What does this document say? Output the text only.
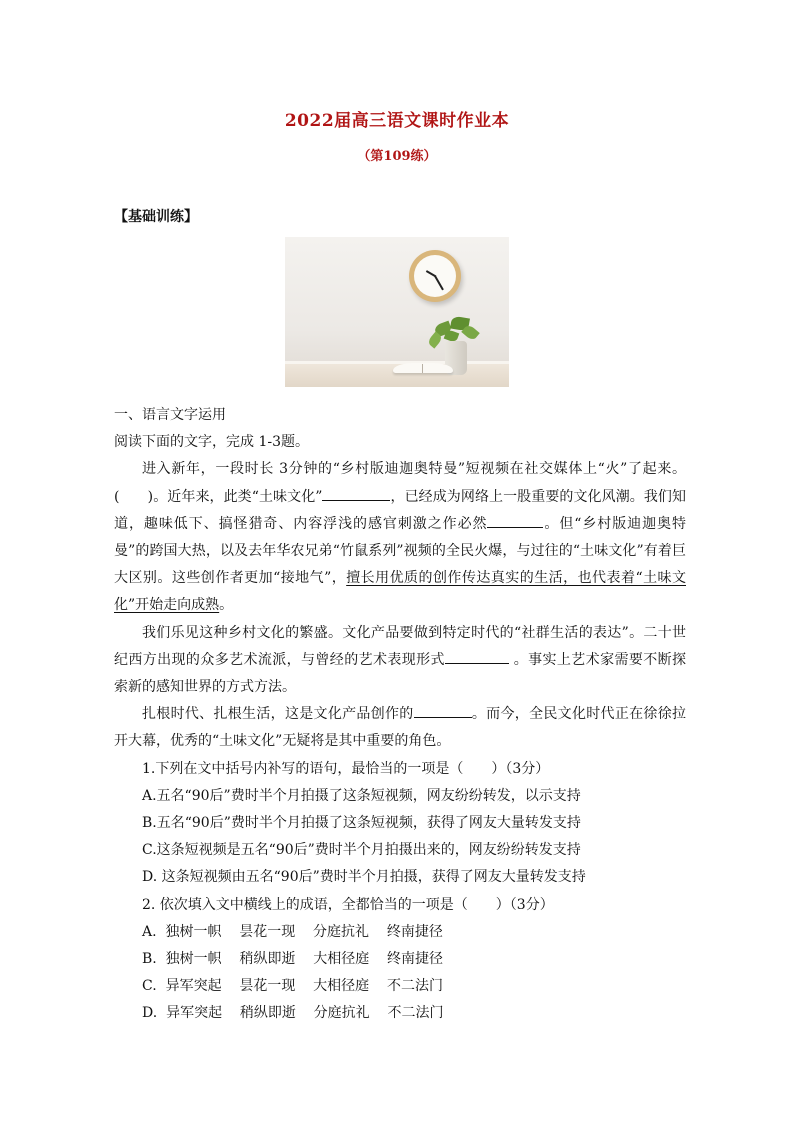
2022届高三语文课时作业本
（第109练）
【基础训练】

一、语言文字运用

阅读下面的文字，完成 1-3题。

进入新年，一段时长 3分钟的“乡村版迪迦奥特曼”短视频在社交媒体上“火”了起来。(　　)。近年来，此类“土味文化”	，已经成为网络上一股重要的文化风潮。我们知道，趣味低下、搞怪猎奇、内容浮浅的感官刺激之作必然	。但“乡村版迪迦奥特曼”的跨国大热，以及去年华农兄弟“竹鼠系列”视频的全民火爆，与过往的“土味文化”有着巨大区别。这些创作者更加“接地气”，擅长用优质的创作传达真实的生活，也代表着“土味文化”开始走向成熟。

我们乐见这种乡村文化的繁盛。文化产品要做到特定时代的“社群生活的表达”。二十世纪西方出现的众多艺术流派，与曾经的艺术表现形式	。事实上艺术家需要不断探索新的感知世界的方式方法。

扎根时代、扎根生活，这是文化产品创作的	。而今，全民文化时代正在徐徐拉开大幕，优秀的“土味文化”无疑将是其中重要的角色。

1.下列在文中括号内补写的语句，最恰当的一项是（　　）（3分）

A.五名“90后”费时半个月拍摄了这条短视频，网友纷纷转发，以示支持

B.五名“90后”费时半个月拍摄了这条短视频，获得了网友大量转发支持

C.这条短视频是五名“90后”费时半个月拍摄出来的，网友纷纷转发支持

D. 这条短视频由五名“90后”费时半个月拍摄，获得了网友大量转发支持

2. 依次填入文中横线上的成语，全都恰当的一项是（　　）（3分）

A.  独树一帜    昙花一现    分庭抗礼    终南捷径

B.  独树一帜    稍纵即逝    大相径庭    终南捷径

C.  异军突起    昙花一现    大相径庭    不二法门

D.  异军突起    稍纵即逝    分庭抗礼    不二法门
